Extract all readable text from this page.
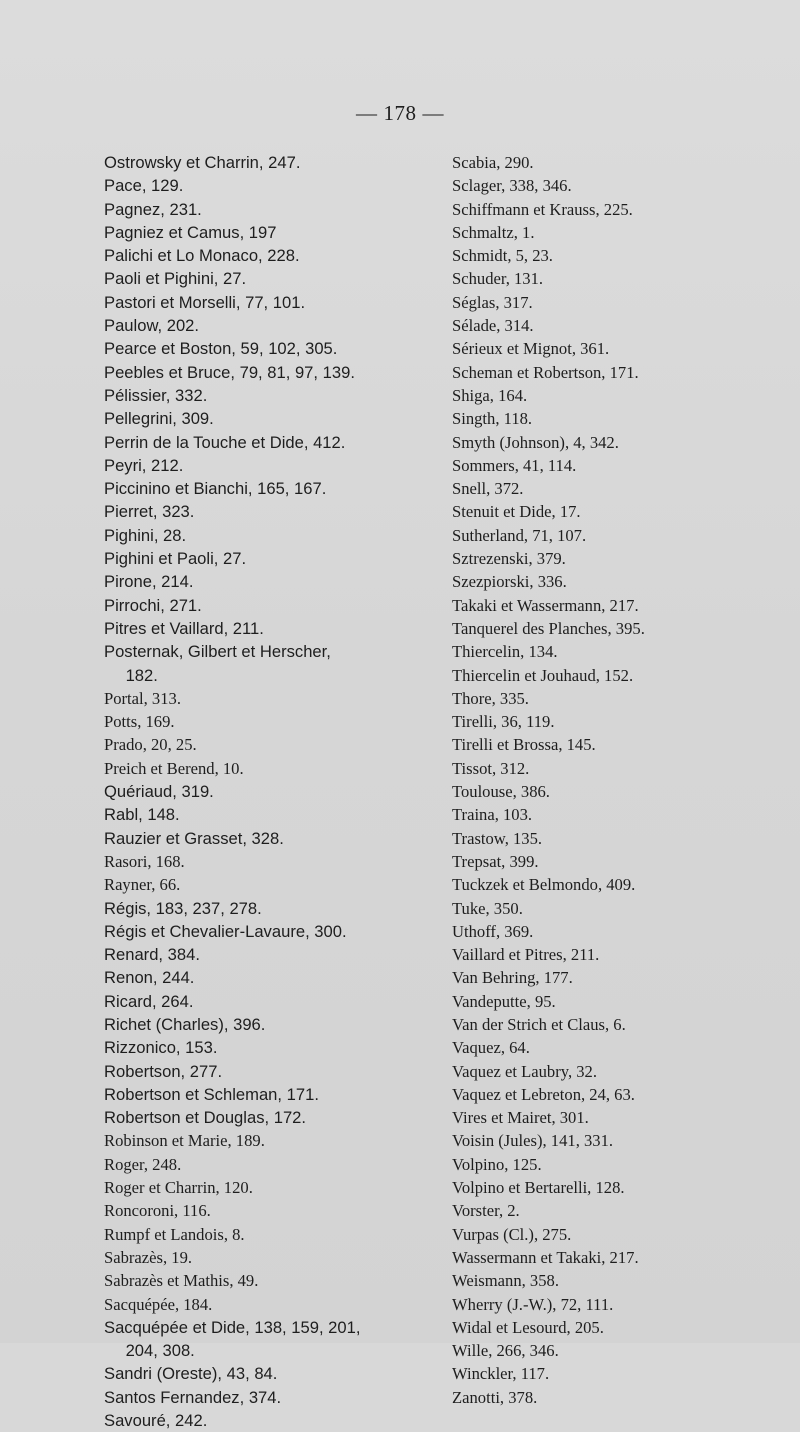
— 178 —
Ostrowsky et Charrin, 247.
Pace, 129.
Pagnez, 231.
Pagniez et Camus, 197
Palichi et Lo Monaco, 228.
Paoli et Pighini, 27.
Pastori et Morselli, 77, 101.
Paulow, 202.
Pearce et Boston, 59, 102, 305.
Peebles et Bruce, 79, 81, 97, 139.
Pélissier, 332.
Pellegrini, 309.
Perrin de la Touche et Dide, 412.
Peyri, 212.
Piccinino et Bianchi, 165, 167.
Pierret, 323.
Pighini, 28.
Pighini et Paoli, 27.
Pirone, 214.
Pirrochi, 271.
Pitres et Vaillard, 211.
Posternak, Gilbert et Herscher,
182.
Portal, 313.
Potts, 169.
Prado, 20, 25.
Preich et Berend, 10.
Quériaud, 319.
Rabl, 148.
Rauzier et Grasset, 328.
Rasori, 168.
Rayner, 66.
Régis, 183, 237, 278.
Régis et Chevalier-Lavaure, 300.
Renard, 384.
Renon, 244.
Ricard, 264.
Richet (Charles), 396.
Rizzonico, 153.
Robertson, 277.
Robertson et Schleman, 171.
Robertson et Douglas, 172.
Robinson et Marie, 189.
Roger, 248.
Roger et Charrin, 120.
Roncoroni, 116.
Rumpf et Landois, 8.
Sabrazès, 19.
Sabrazès et Mathis, 49.
Sacquépée, 184.
Sacquépée et Dide, 138, 159, 201,
204, 308.
Sandri (Oreste), 43, 84.
Santos Fernandez, 374.
Savouré, 242.
Scabia, 290.
Sclager, 338, 346.
Schiffmann et Krauss, 225.
Schmaltz, 1.
Schmidt, 5, 23.
Schuder, 131.
Séglas, 317.
Sélade, 314.
Sérieux et Mignot, 361.
Scheman et Robertson, 171.
Shiga, 164.
Singth, 118.
Smyth (Johnson), 4, 342.
Sommers, 41, 114.
Snell, 372.
Stenuit et Dide, 17.
Sutherland, 71, 107.
Sztrezenski, 379.
Szezpiorski, 336.
Takaki et Wassermann, 217.
Tanquerel des Planches, 395.
Thiercelin, 134.
Thiercelin et Jouhaud, 152.
Thore, 335.
Tirelli, 36, 119.
Tirelli et Brossa, 145.
Tissot, 312.
Toulouse, 386.
Traina, 103.
Trastow, 135.
Trepsat, 399.
Tuckzek et Belmondo, 409.
Tuke, 350.
Uthoff, 369.
Vaillard et Pitres, 211.
Van Behring, 177.
Vandeputte, 95.
Van der Strich et Claus, 6.
Vaquez, 64.
Vaquez et Laubry, 32.
Vaquez et Lebreton, 24, 63.
Vires et Mairet, 301.
Voisin (Jules), 141, 331.
Volpino, 125.
Volpino et Bertarelli, 128.
Vorster, 2.
Vurpas (Cl.), 275.
Wassermann et Takaki, 217.
Weismann, 358.
Wherry (J.-W.), 72, 111.
Widal et Lesourd, 205.
Wille, 266, 346.
Winckler, 117.
Zanotti, 378.
